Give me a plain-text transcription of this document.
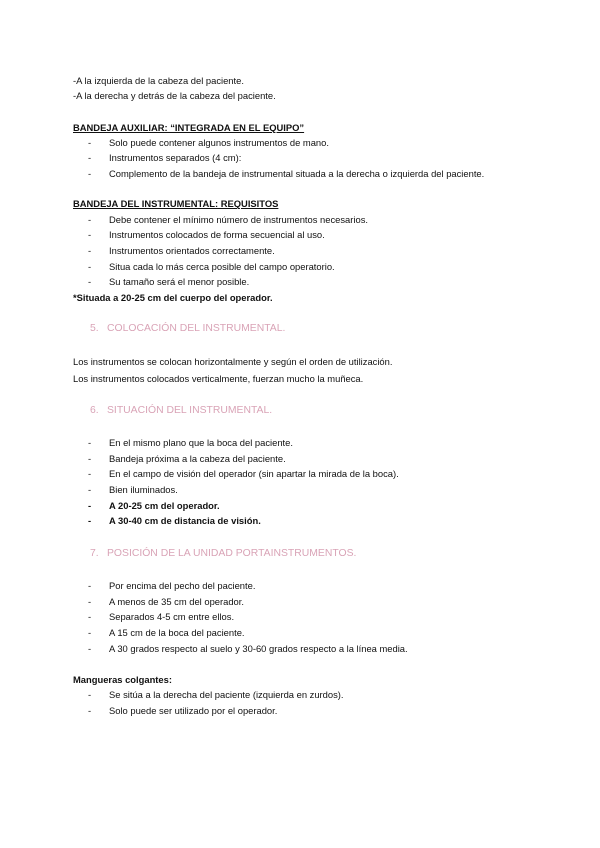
-A la izquierda de la cabeza del paciente.
-A la derecha y detrás de la cabeza del paciente.
BANDEJA AUXILIAR: “INTEGRADA EN EL EQUIPO”
- Solo puede contener algunos instrumentos de mano.
- Instrumentos separados (4 cm):
- Complemento de la bandeja de instrumental situada a la derecha o izquierda del paciente.
BANDEJA DEL INSTRUMENTAL: REQUISITOS
- Debe contener el mínimo número de instrumentos necesarios.
- Instrumentos colocados de forma secuencial al uso.
- Instrumentos orientados correctamente.
- Situa cada lo más cerca posible del campo operatorio.
- Su tamaño será el menor posible.
*Situada a 20-25 cm del cuerpo del operador.
5. COLOCACIÓN DEL INSTRUMENTAL.
Los instrumentos se colocan horizontalmente y según el orden de utilización.
Los instrumentos colocados verticalmente, fuerzan mucho la muñeca.
6. SITUACIÓN DEL INSTRUMENTAL.
- En el mismo plano que la boca del paciente.
- Bandeja próxima a la cabeza del paciente.
- En el campo de visión del operador (sin apartar la mirada de la boca).
- Bien iluminados.
- A 20-25 cm del operador.
- A 30-40 cm de distancia de visión.
7. POSICIÓN DE LA UNIDAD PORTAINSTRUMENTOS.
- Por encima del pecho del paciente.
- A menos de 35 cm del operador.
- Separados 4-5 cm entre ellos.
- A 15 cm de la boca del paciente.
- A 30 grados respecto al suelo y 30-60 grados respecto a la línea media.
Mangueras colgantes:
- Se sitúa a la derecha del paciente (izquierda en zurdos).
- Solo puede ser utilizado por el operador.
